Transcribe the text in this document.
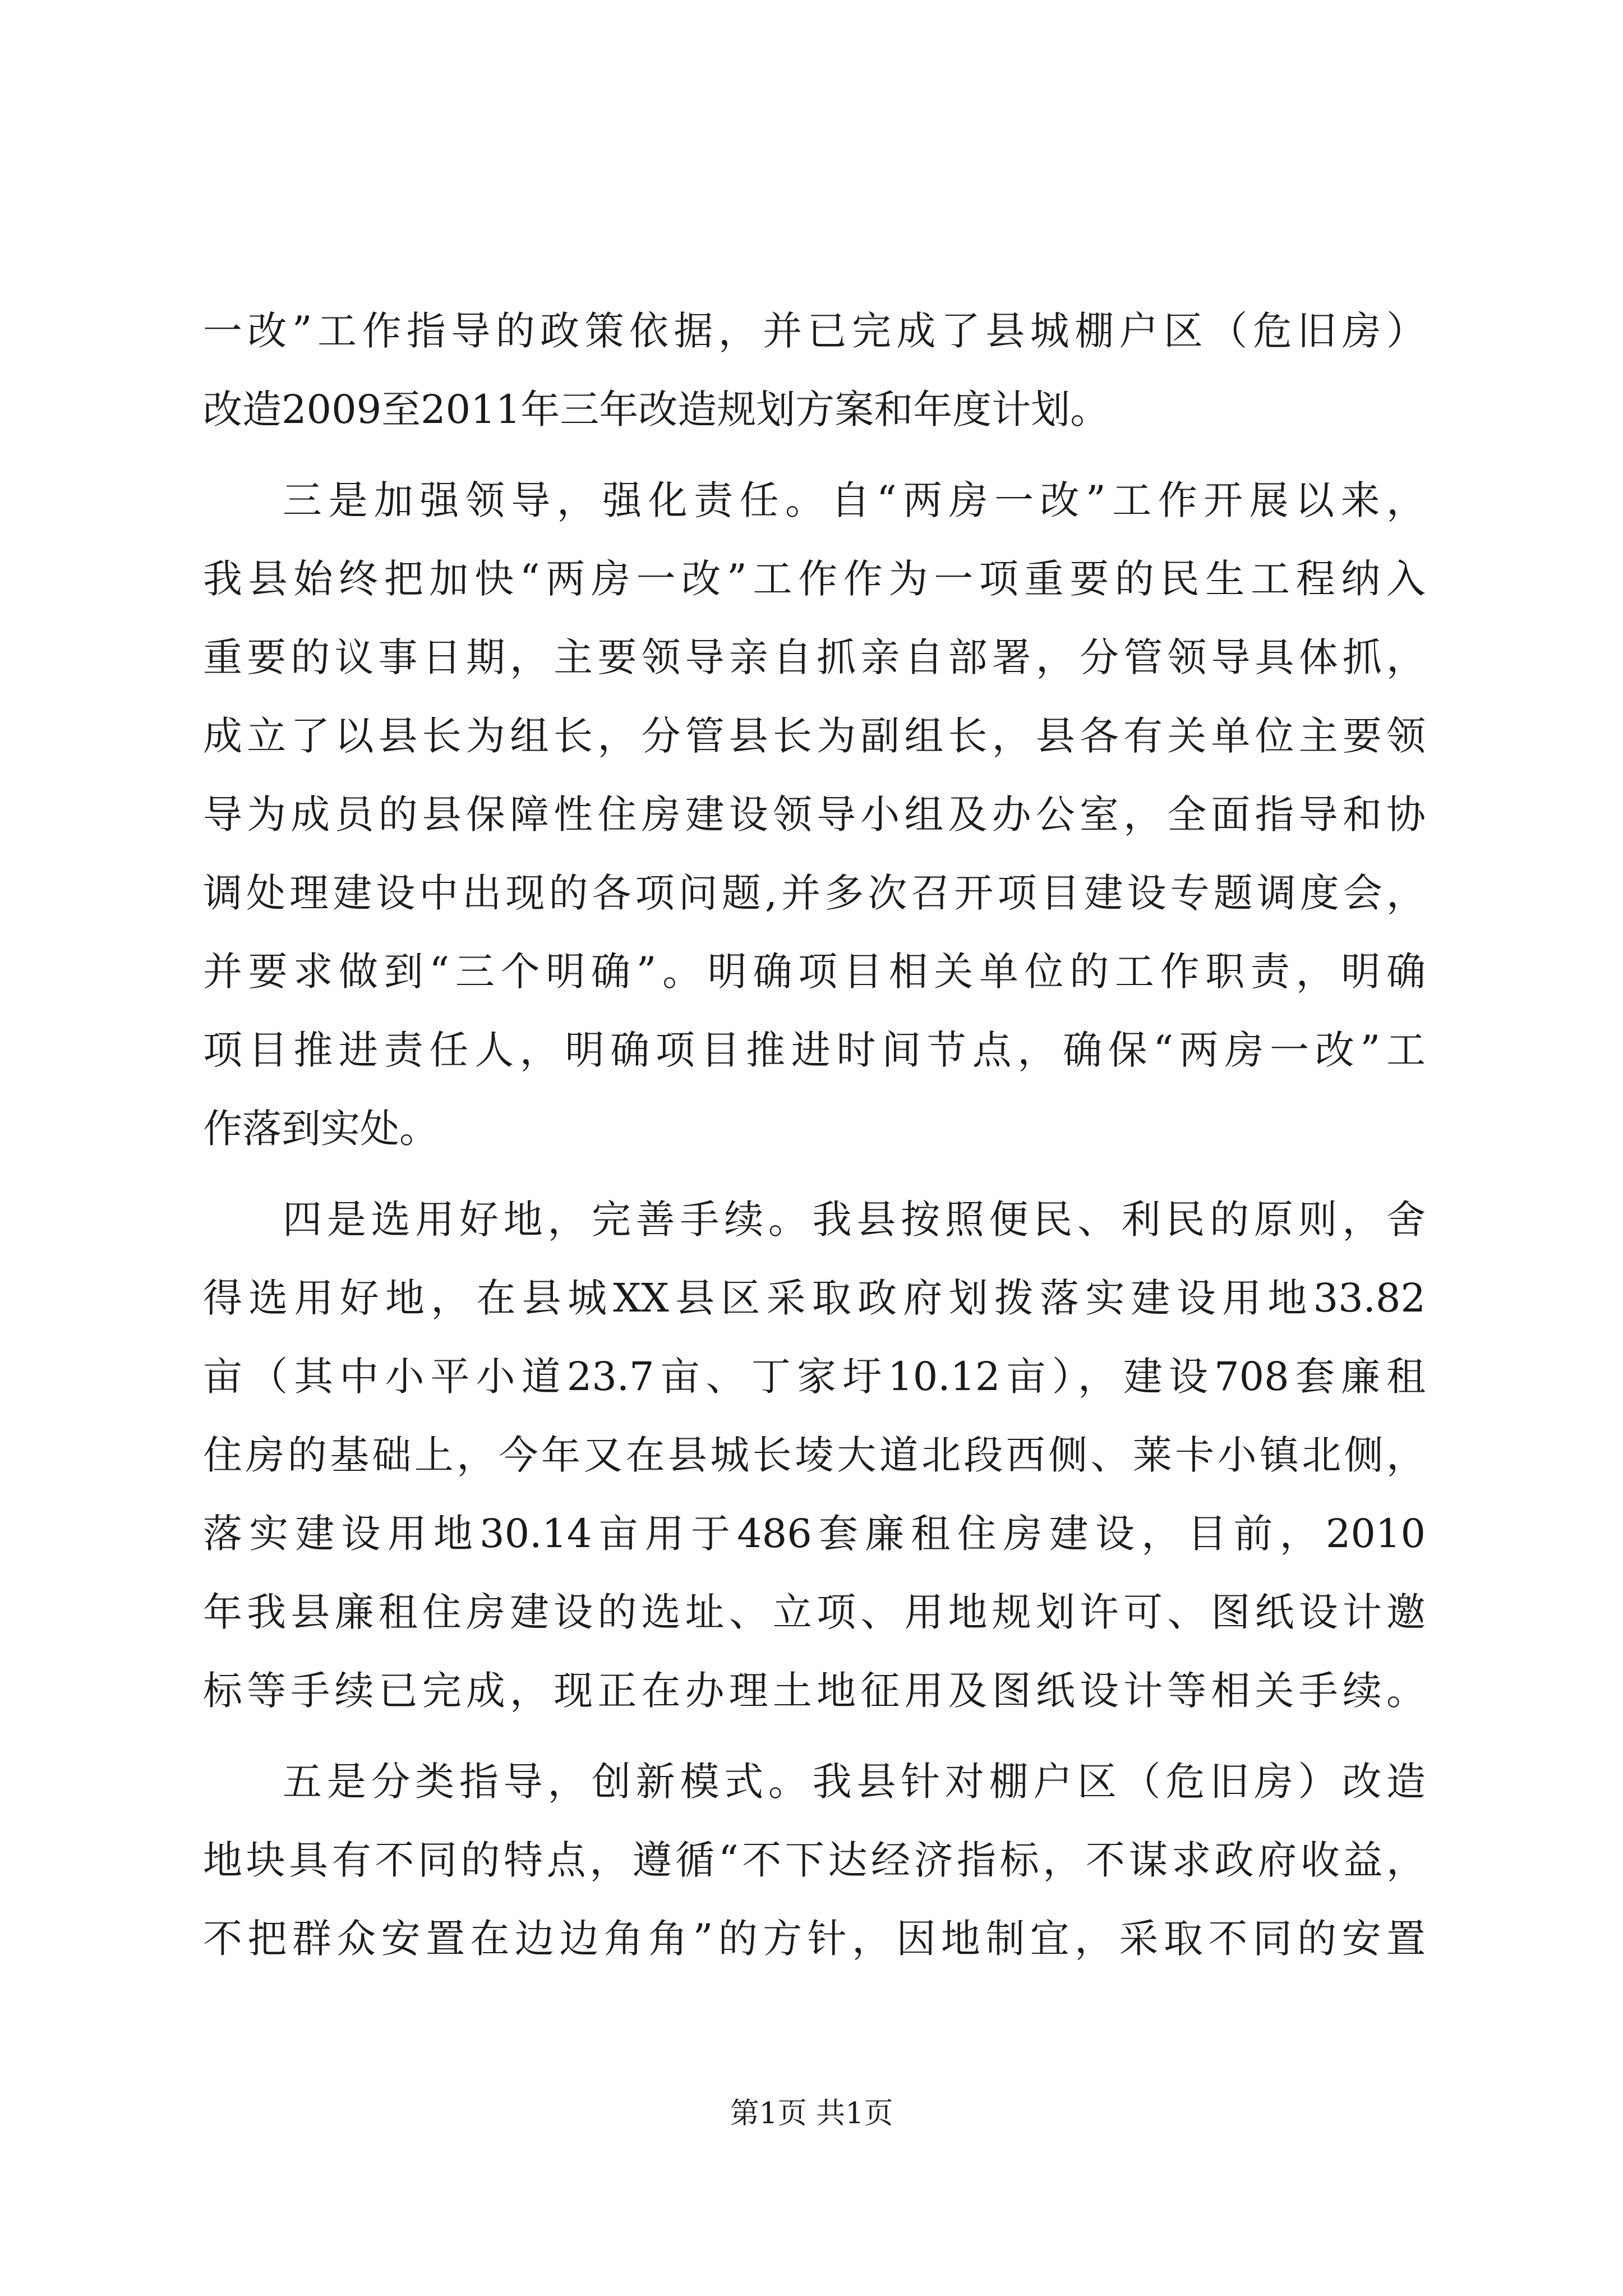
一改”工作指导的政策依据，并已完成了县城棚户区（危旧房）
改造2009至2011年三年改造规划方案和年度计划。
三是加强领导，强化责任。自“两房一改”工作开展以来，
我县始终把加快“两房一改”工作作为一项重要的民生工程纳入
重要的议事日期，主要领导亲自抓亲自部署，分管领导具体抓，
成立了以县长为组长，分管县长为副组长，县各有关单位主要领
导为成员的县保障性住房建设领导小组及办公室，全面指导和协
调处理建设中出现的各项问题,并多次召开项目建设专题调度会，
并要求做到“三个明确”。明确项目相关单位的工作职责，明确
项目推进责任人，明确项目推进时间节点，确保“两房一改”工
作落到实处。
四是选用好地，完善手续。我县按照便民、利民的原则，舍
得选用好地，在县城XX县区采取政府划拨落实建设用地33.82
亩（其中小平小道23.7亩、丁家圩10.12亩），建设708套廉租
住房的基础上，今年又在县城长堎大道北段西侧、莱卡小镇北侧，
落实建设用地30.14亩用于486套廉租住房建设，目前，2010
年我县廉租住房建设的选址、立项、用地规划许可、图纸设计邀
标等手续已完成，现正在办理土地征用及图纸设计等相关手续。
五是分类指导，创新模式。我县针对棚户区（危旧房）改造
地块具有不同的特点，遵循“不下达经济指标，不谋求政府收益，
不把群众安置在边边角角”的方针，因地制宜，采取不同的安置
第1页 共1页
